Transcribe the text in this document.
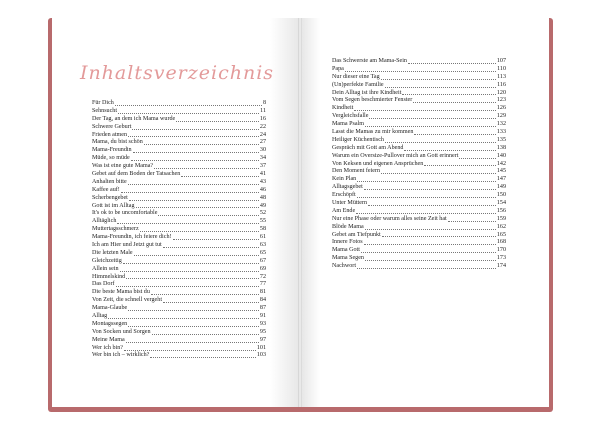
Inhaltsverzeichnis
Für Dich	8
Sehnsucht	11
Der Tag, an dem ich Mama wurde	16
Schwere Geburt	22
Frieden atmen	24
Mama, du bist schön	27
Mama-Freundin	30
Müde, so müde	34
Was ist eine gute Mama?	37
Gebet auf dem Boden der Tatsachen	41
Anhalten bitte	43
Kaffee auf!	46
Scherbengebet	48
Gott ist im Alltag	49
It's ok to be uncomfortable	52
Alltäglich	55
Muttertagsschmerz	58
Mama-Freundin, ich feiere dich!	61
Ich am Hier und Jetzt gut tut	63
Die letzten Male	65
Gleichzeitig	67
Allein sein	69
Himmelskind	72
Das Dorf	77
Die beste Mama bist du	81
Von Zeit, die schnell vergeht	84
Mama-Glaube	87
Alltag	91
Montagssegen	93
Von Socken und Sorgen	95
Meine Mama	97
Wer ich bin?	101
Wer bin ich – wirklich?	103
Das Schwerste am Mama-Sein	107
Papa	110
Nur dieser eine Tag	113
(Un)perfekte Familie	116
Dein Alltag ist ihre Kindheit	120
Vom Segen beschmierter Fenster	123
Kindheit	126
Vergleichsfalle	129
Mama Psalm	132
Lasst die Mamas zu mir kommen	133
Heiliger Küchentisch	135
Gespräch mit Gott am Abend	138
Warum ein Oversize-Pullover mich an Gott erinnert	140
Von Keksen und eigenen Ansprüchen	142
Den Moment feiern	145
Kein Plan	147
Alltagsgebet	149
Erschöpft	150
Unter Müttern	154
Am Ende	156
Nur eine Phase oder warum alles seine Zeit hat	159
Blöde Mama	162
Gebet am Tiefpunkt	165
Innere Fotos	168
Mama Gott	170
Mama Segen	173
Nachwort	174
